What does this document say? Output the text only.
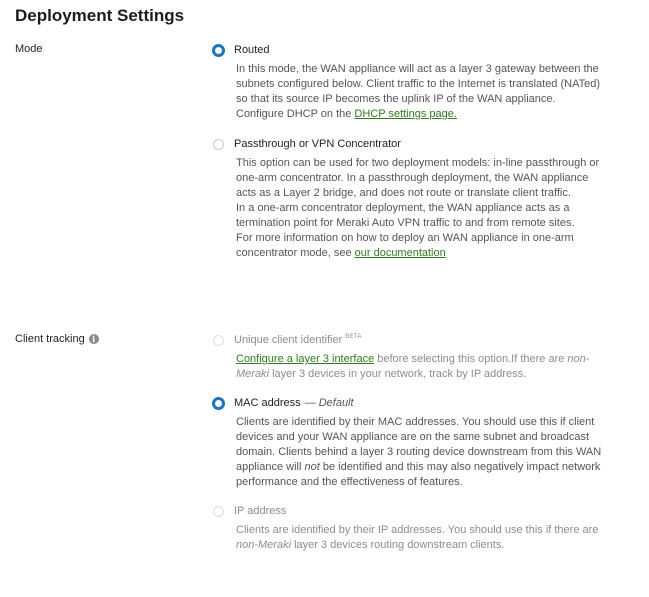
Deployment Settings
Mode	Routed

In this mode, the WAN appliance will act as a layer 3 gateway between the

subnets configured below. Client traffic to the Internet is translated (NATed)

so that its source IP becomes the uplink IP of the WAN appliance.

Configure DHCP on the DHCP settings page.

Passthrough or VPN Concentrator

This option can be used for two deployment models: in-line passthrough or

one-arm concentrator. In a passthrough deployment, the WAN appliance

acts as a Layer 2 bridge, and does not route or translate client traffic.

In a one-arm concentrator deployment, the WAN appliance acts as a

termination point for Meraki Auto VPN traffic to and from remote sites.

For more information on how to deploy an WAN appliance in one-arm

concentrator mode, see our documentation

Client tracking i	Unique client identifier $^{BETA}$

Configure a layer 3 interface before selecting this option.If there are non-

Meraki layer 3 devices in your network, track by IP address.

MAC address — Default

Clients are identified by their MAC addresses. You should use this if client

devices and your WAN appliance are on the same subnet and broadcast

domain. Clients behind a layer 3 routing device downstream from this WAN

appliance will not be identified and this may also negatively impact network

performance and the effectiveness of features.

IP address

Clients are identified by their IP addresses. You should use this if there are

non-Meraki layer 3 devices routing downstream clients.
